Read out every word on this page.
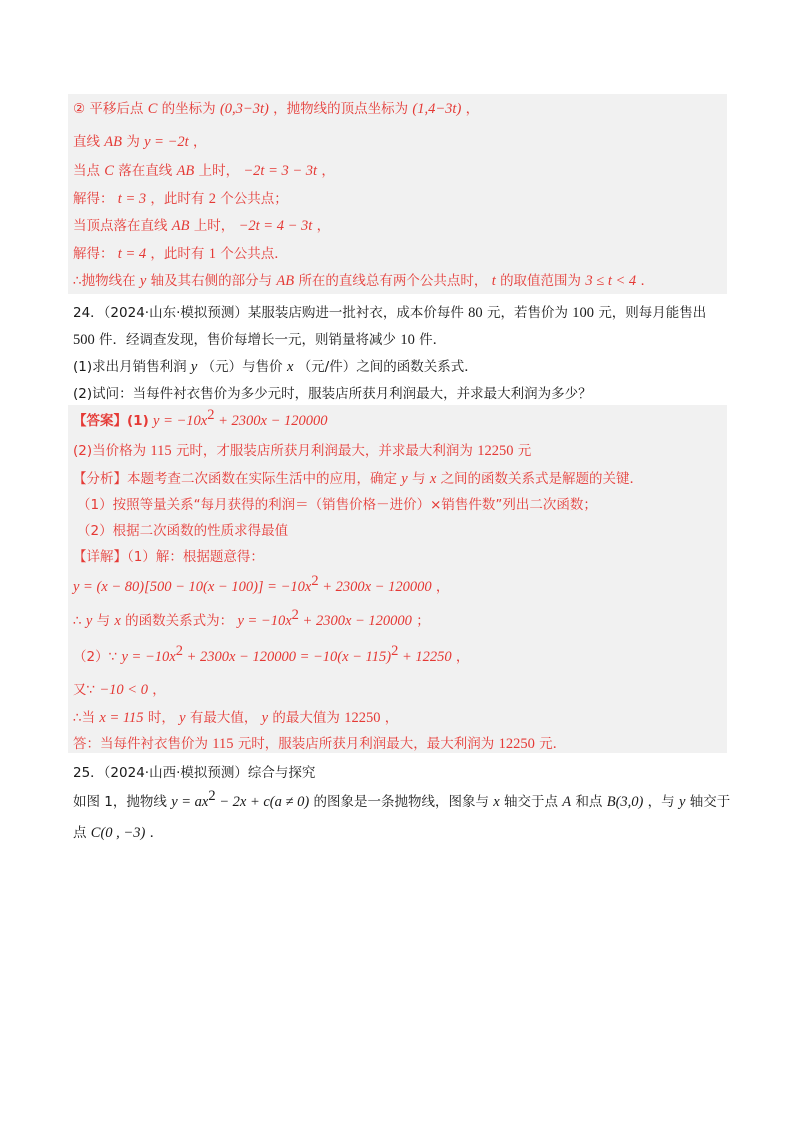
② 平移后点 C 的坐标为 (0,3−3t) ，抛物线的顶点坐标为 (1,4−3t) ，
直线 AB 为 y = −2t ，
当点 C 落在直线 AB 上时， −2t = 3 − 3t ，
解得： t = 3 ，此时有 2 个公共点；
当顶点落在直线 AB 上时， −2t = 4 − 3t ，
解得： t = 4 ，此时有 1 个公共点．
∴抛物线在 y 轴及其右侧的部分与 AB 所在的直线总有两个公共点时， t 的取值范围为 3 ≤ t < 4 ．
24．（2024·山东·模拟预测）某服装店购进一批衬衣，成本价每件 80 元，若售价为 100 元，则每月能售出
500 件．经调查发现，售价每增长一元，则销量将减少 10 件．
(1)求出月销售利润 y （元）与售价 x （元/件）之间的函数关系式．
(2)试问：当每件衬衣售价为多少元时，服装店所获月利润最大，并求最大利润为多少？
【答案】(1) $y = -10x^2 + 2300x - 120000$
(2)当价格为 115 元时，才服装店所获月利润最大，并求最大利润为 12250 元
【分析】本题考查二次函数在实际生活中的应用，确定 y 与 x 之间的函数关系式是解题的关键．
（1）按照等量关系“每月获得的利润＝（销售价格－进价）×销售件数”列出二次函数；
（2）根据二次函数的性质求得最值
【详解】（1）解：根据题意得：
$y = (x - 80)[500 - 10(x - 100)] = -10x^2 + 2300x - 120000$ ，
∴ y 与 x 的函数关系式为： $y = -10x^2 + 2300x - 120000$ ；
（2）∵ $y = -10x^2 + 2300x - 120000 = -10(x - 115)^2 + 12250$ ，
又∵ −10 < 0 ，
∴当 x = 115 时， y 有最大值， y 的最大值为 12250 ，
答：当每件衬衣售价为 115 元时，服装店所获月利润最大，最大利润为 12250 元．
25．（2024·山西·模拟预测）综合与探究
如图 1，抛物线 $y = ax^2 - 2x + c(a \ne 0)$ 的图象是一条抛物线，图象与 x 轴交于点 A 和点 B(3,0) ，与 y 轴交于
点 C(0 , −3) ．
